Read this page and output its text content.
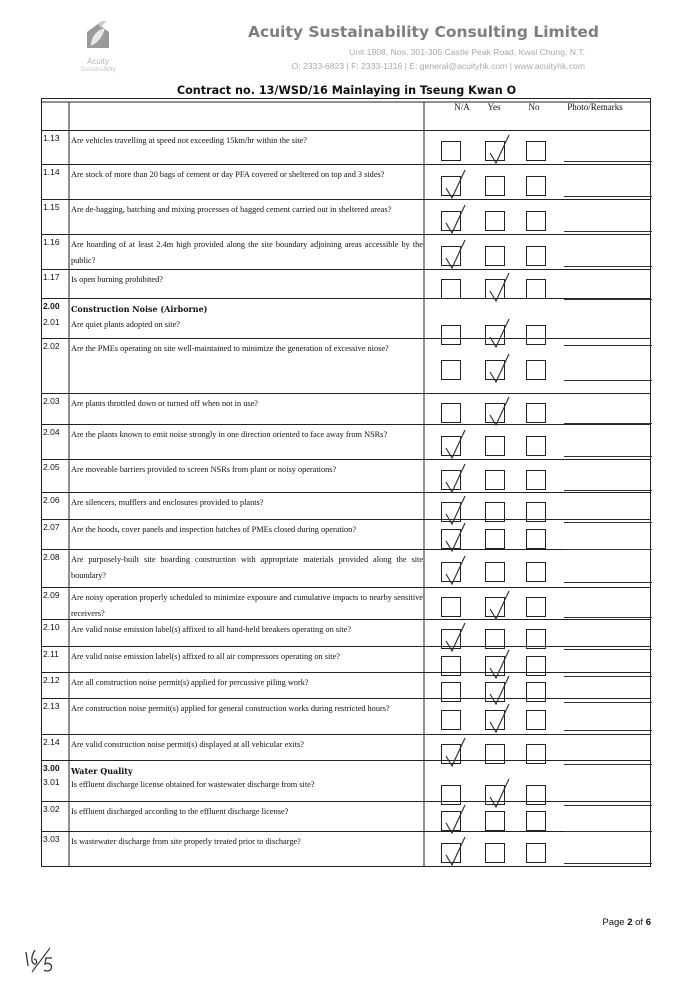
Acuity
Sustainability
Acuity Sustainability Consulting Limited
Unit 1908, Nos. 301-305 Castle Peak Road, Kwai Chung, N.T.
O: 2333-6823 | F: 2333-1316 | E: general@acuityhk.com | www.acuityhk.com
Contract no. 13/WSD/16 Mainlaying in Tseung Kwan O
N/A	Yes	No	Photo/Remarks
1.13 Are vehicles travelling at speed not exceeding 15km/hr within the site?
1.14 Are stock of more than 20 bags of cement or day PFA covered or sheltered on top and 3 sides?
1.15 Are de-bagging, batching and mixing processes of bagged cement carried out in sheltered areas?
1.16 Are hoarding of at least 2.4m high provided along the site boundary adjoining areas accessible by the public?
1.17 Is open burning prohibited?
2.00 Construction Noise (Airborne)
2.01 Are quiet plants adopted on site?
2.02 Are the PMEs operating on site well-maintained to minimize the generation of excessive niose?
2.03 Are plants throttled down or turned off when not in use?
2.04 Are the plants known to emit noise strongly in one direction oriented to face away from NSRs?
2.05 Are moveable barriers provided to screen NSRs from plant or noisy operations?
2.06 Are silencers, mufflers and enclosures provided to plants?
2.07 Are the hoods, cover panels and inspection hatches of PMEs closed during operation?
2.08 Are purposely-built site hoarding construction with appropriate materials provided along the site boundary?
2.09 Are noisy operation properly scheduled to minimize exposure and cumulative impacts to nearby sensitive receivers?
2.10 Are valid noise emission label(s) affixed to all hand-held breakers operating on site?
2.11 Are valid noise emission label(s) affixed to all air compressors operating on site?
2.12 Are all construction noise permit(s) applied for percussive piling work?
2.13 Are construction noise permit(s) applied for general construction works during restricted hours?
2.14 Are valid construction noise permit(s) displayed at all vehicular exits?
3.00 Water Quality
3.01 Is effluent discharge license obtained for wastewater discharge from site?
3.02 Is effluent discharged according to the effluent discharge license?
3.03 Is wastewater discharge from site properly treated prior to discharge?
Page 2 of 6
